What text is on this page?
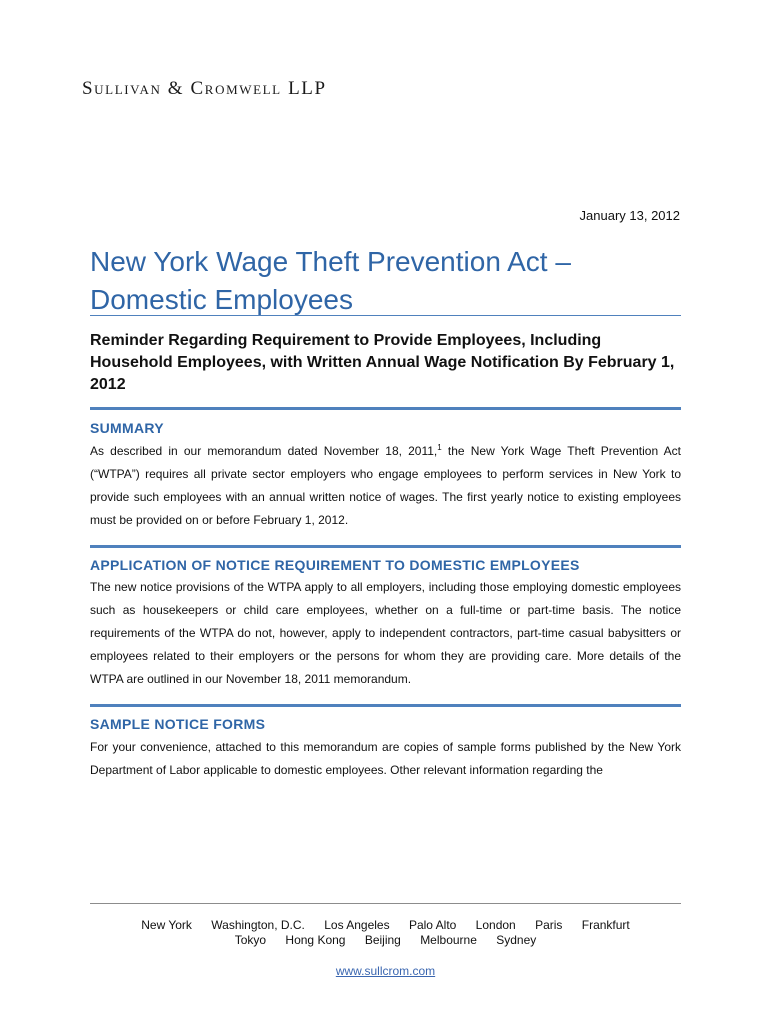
Sullivan & Cromwell LLP
January 13, 2012
New York Wage Theft Prevention Act – Domestic Employees
Reminder Regarding Requirement to Provide Employees, Including Household Employees, with Written Annual Wage Notification By February 1, 2012
SUMMARY

As described in our memorandum dated November 18, 2011,$^1$ the New York Wage Theft Prevention Act (“WTPA”) requires all private sector employers who engage employees to perform services in New York to provide such employees with an annual written notice of wages. The first yearly notice to existing employees must be provided on or before February 1, 2012.

APPLICATION OF NOTICE REQUIREMENT TO DOMESTIC EMPLOYEES

The new notice provisions of the WTPA apply to all employers, including those employing domestic employees such as housekeepers or child care employees, whether on a full-time or part-time basis. The notice requirements of the WTPA do not, however, apply to independent contractors, part-time casual babysitters or employees related to their employers or the persons for whom they are providing care. More details of the WTPA are outlined in our November 18, 2011 memorandum.

SAMPLE NOTICE FORMS

For your convenience, attached to this memorandum are copies of sample forms published by the New York Department of Labor applicable to domestic employees. Other relevant information regarding the

New York Washington, D.C. Los Angeles Palo Alto London Paris Frankfurt
Tokyo Hong Kong Beijing Melbourne Sydney
www.sullcrom.com
